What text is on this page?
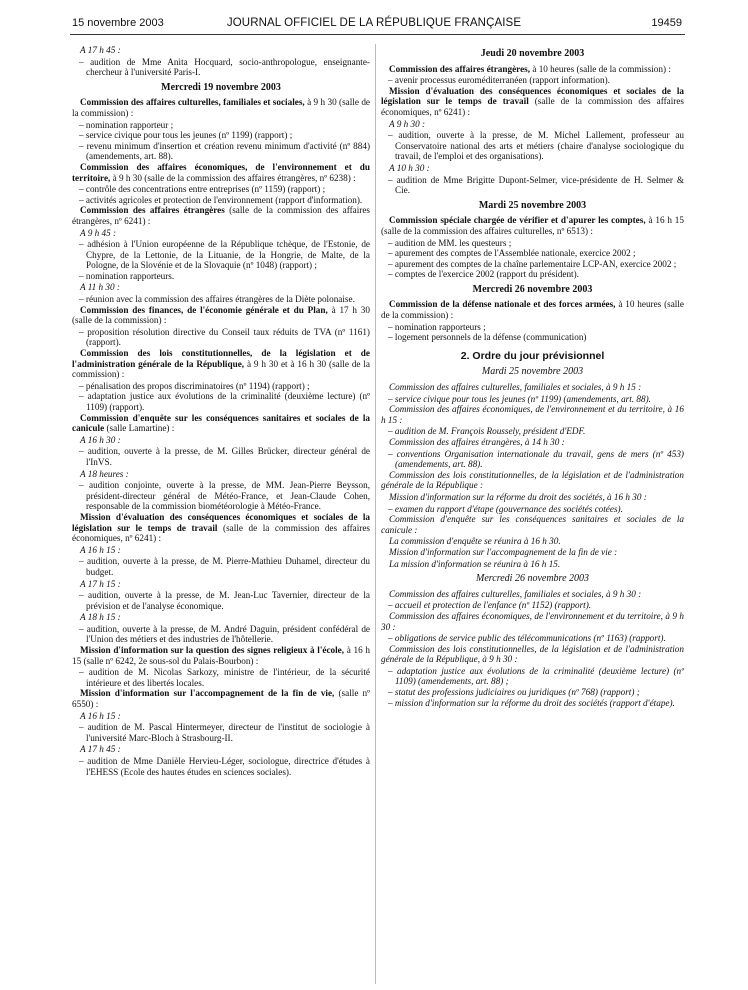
15 novembre 2003	JOURNAL OFFICIEL DE LA RÉPUBLIQUE FRANÇAISE	19459
A 17 h 45 :
– audition de Mme Anita Hocquard, socio-anthropologue, enseignante-chercheur à l'université Paris-I.
Mercredi 19 novembre 2003
Commission des affaires culturelles, familiales et sociales, à 9 h 30 (salle de la commission) :
– nomination rapporteur ;
– service civique pour tous les jeunes (nº 1199) (rapport) ;
– revenu minimum d'insertion et création revenu minimum d'activité (nº 884) (amendements, art. 88).
Commission des affaires économiques, de l'environnement et du territoire, à 9 h 30 (salle de la commission des affaires étrangères, nº 6238) :
– contrôle des concentrations entre entreprises (nº 1159) (rapport) ;
– activités agricoles et protection de l'environnement (rapport d'information).
Commission des affaires étrangères (salle de la commission des affaires étrangères, nº 6241) :
A 9 h 45 :
– adhésion à l'Union européenne de la République tchèque, de l'Estonie, de Chypre, de la Lettonie, de la Lituanie, de la Hongrie, de Malte, de la Pologne, de la Slovénie et de la Slovaquie (nº 1048) (rapport) ;
– nomination rapporteurs.
A 11 h 30 :
– réunion avec la commission des affaires étrangères de la Diète polonaise.
Commission des finances, de l'économie générale et du Plan, à 17 h 30 (salle de la commission) :
– proposition résolution directive du Conseil taux réduits de TVA (nº 1161) (rapport).
Commission des lois constitutionnelles, de la législation et de l'administration générale de la République, à 9 h 30 et à 16 h 30 (salle de la commission) :
– pénalisation des propos discriminatoires (nº 1194) (rapport) ;
– adaptation justice aux évolutions de la criminalité (deuxième lecture) (nº 1109) (rapport).
Commission d'enquête sur les conséquences sanitaires et sociales de la canicule (salle Lamartine) :
A 16 h 30 :
– audition, ouverte à la presse, de M. Gilles Brücker, directeur général de l'InVS.
A 18 heures :
– audition conjointe, ouverte à la presse, de MM. Jean-Pierre Beysson, président-directeur général de Météo-France, et Jean-Claude Cohen, responsable de la commission biométéorologie à Météo-France.
Mission d'évaluation des conséquences économiques et sociales de la législation sur le temps de travail (salle de la commission des affaires économiques, nº 6241) :
A 16 h 15 :
– audition, ouverte à la presse, de M. Pierre-Mathieu Duhamel, directeur du budget.
A 17 h 15 :
– audition, ouverte à la presse, de M. Jean-Luc Tavernier, directeur de la prévision et de l'analyse économique.
A 18 h 15 :
– audition, ouverte à la presse, de M. André Daguin, président confédéral de l'Union des métiers et des industries de l'hôtellerie.
Mission d'information sur la question des signes religieux à l'école, à 16 h 15 (salle nº 6242, 2e sous-sol du Palais-Bourbon) :
– audition de M. Nicolas Sarkozy, ministre de l'intérieur, de la sécurité intérieure et des libertés locales.
Mission d'information sur l'accompagnement de la fin de vie, (salle nº 6550) :
A 16 h 15 :
– audition de M. Pascal Hintermeyer, directeur de l'institut de sociologie à l'université Marc-Bloch à Strasbourg-II.
A 17 h 45 :
– audition de Mme Danièle Hervieu-Léger, sociologue, directrice d'études à l'EHESS (Ecole des hautes études en sciences sociales).
Jeudi 20 novembre 2003
Commission des affaires étrangères, à 10 heures (salle de la commission) :
– avenir processus euroméditerranéen (rapport information).
Mission d'évaluation des conséquences économiques et sociales de la législation sur le temps de travail (salle de la commission des affaires économiques, nº 6241) :
A 9 h 30 :
– audition, ouverte à la presse, de M. Michel Lallement, professeur au Conservatoire national des arts et métiers (chaire d'analyse sociologique du travail, de l'emploi et des organisations).
A 10 h 30 :
– audition de Mme Brigitte Dupont-Selmer, vice-présidente de H. Selmer & Cie.
Mardi 25 novembre 2003
Commission spéciale chargée de vérifier et d'apurer les comptes, à 16 h 15 (salle de la commission des affaires culturelles, nº 6513) :
– audition de MM. les questeurs ;
– apurement des comptes de l'Assemblée nationale, exercice 2002 ;
– apurement des comptes de la chaîne parlementaire LCP-AN, exercice 2002 ;
– comptes de l'exercice 2002 (rapport du président).
Mercredi 26 novembre 2003
Commission de la défense nationale et des forces armées, à 10 heures (salle de la commission) :
– nomination rapporteurs ;
– logement personnels de la défense (communication)
2. Ordre du jour prévisionnel
Mardi 25 novembre 2003
Commission des affaires culturelles, familiales et sociales, à 9 h 15 :
– service civique pour tous les jeunes (nº 1199) (amendements, art. 88).
Commission des affaires économiques, de l'environnement et du territoire, à 16 h 15 :
– audition de M. François Roussely, président d'EDF.
Commission des affaires étrangères, à 14 h 30 :
– conventions Organisation internationale du travail, gens de mers (nº 453) (amendements, art. 88).
Commission des lois constitutionnelles, de la législation et de l'administration générale de la République :
Mission d'information sur la réforme du droit des sociétés, à 16 h 30 :
– examen du rapport d'étape (gouvernance des sociétés cotées).
Commission d'enquête sur les conséquences sanitaires et sociales de la canicule :
La commission d'enquête se réunira à 16 h 30.
Mission d'information sur l'accompagnement de la fin de vie :
La mission d'information se réunira à 16 h 15.
Mercredi 26 novembre 2003
Commission des affaires culturelles, familiales et sociales, à 9 h 30 :
– accueil et protection de l'enfance (nº 1152) (rapport).
Commission des affaires économiques, de l'environnement et du territoire, à 9 h 30 :
– obligations de service public des télécommunications (nº 1163) (rapport).
Commission des lois constitutionnelles, de la législation et de l'administration générale de la République, à 9 h 30 :
– adaptation justice aux évolutions de la criminalité (deuxième lecture) (nº 1109) (amendements, art. 88) ;
– statut des professions judiciaires ou juridiques (nº 768) (rapport) ;
– mission d'information sur la réforme du droit des sociétés (rapport d'étape).
